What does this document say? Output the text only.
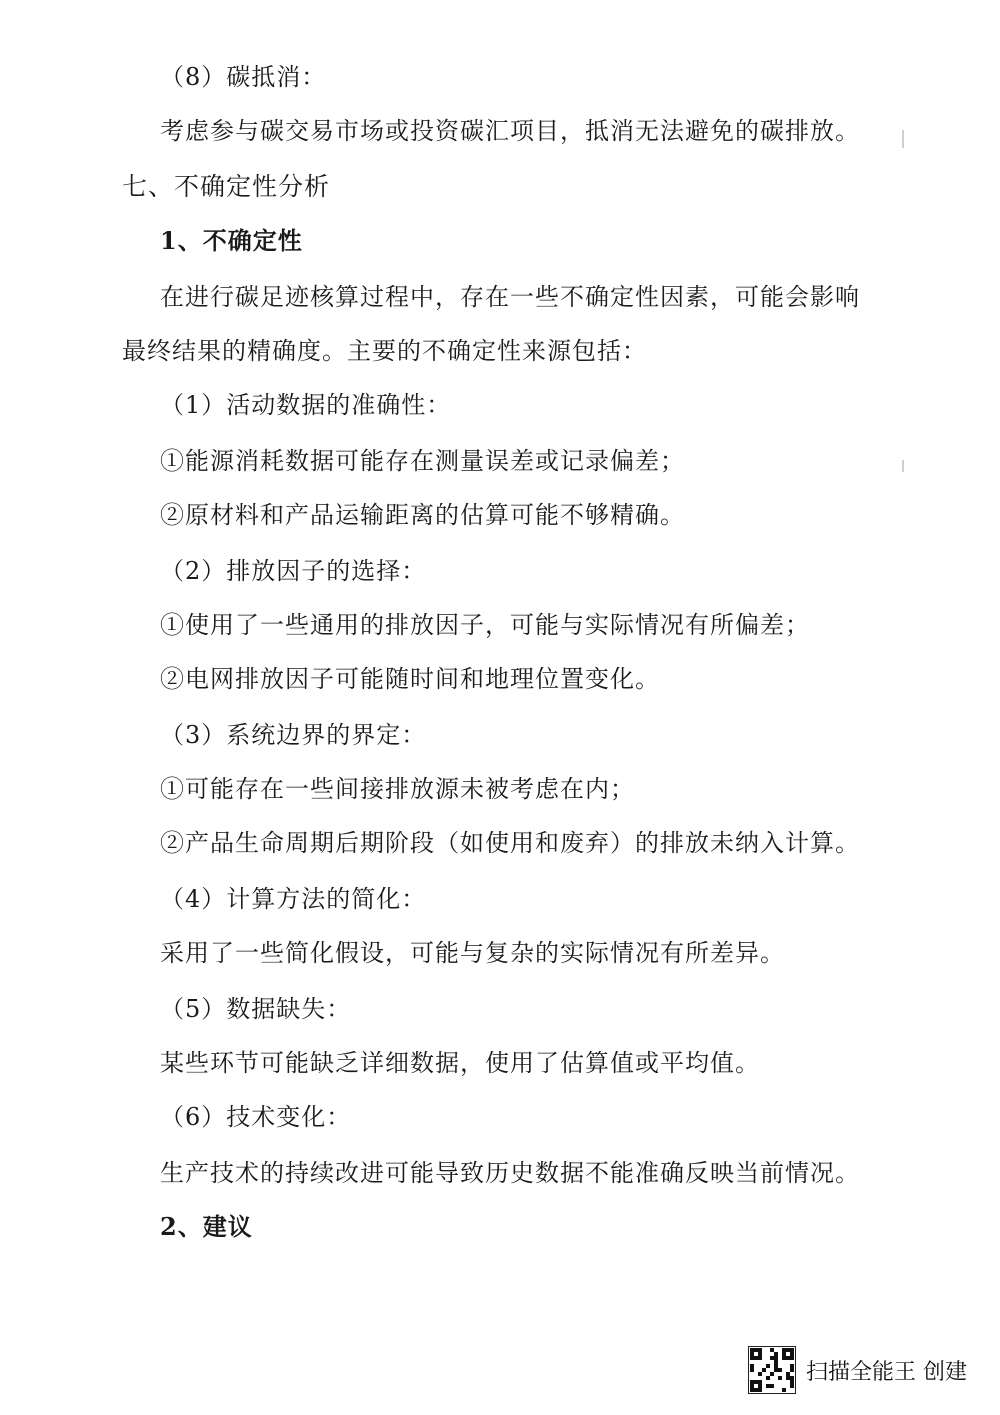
（8）碳抵消：
考虑参与碳交易市场或投资碳汇项目，抵消无法避免的碳排放。
七、不确定性分析
1、不确定性
在进行碳足迹核算过程中，存在一些不确定性因素，可能会影响
最终结果的精确度。主要的不确定性来源包括：
（1）活动数据的准确性：
①能源消耗数据可能存在测量误差或记录偏差；
②原材料和产品运输距离的估算可能不够精确。
（2）排放因子的选择：
①使用了一些通用的排放因子，可能与实际情况有所偏差；
②电网排放因子可能随时间和地理位置变化。
（3）系统边界的界定：
①可能存在一些间接排放源未被考虑在内；
②产品生命周期后期阶段（如使用和废弃）的排放未纳入计算。
（4）计算方法的简化：
采用了一些简化假设，可能与复杂的实际情况有所差异。
（5）数据缺失：
某些环节可能缺乏详细数据，使用了估算值或平均值。
（6）技术变化：
生产技术的持续改进可能导致历史数据不能准确反映当前情况。
2、建议
扫描全能王 创建
